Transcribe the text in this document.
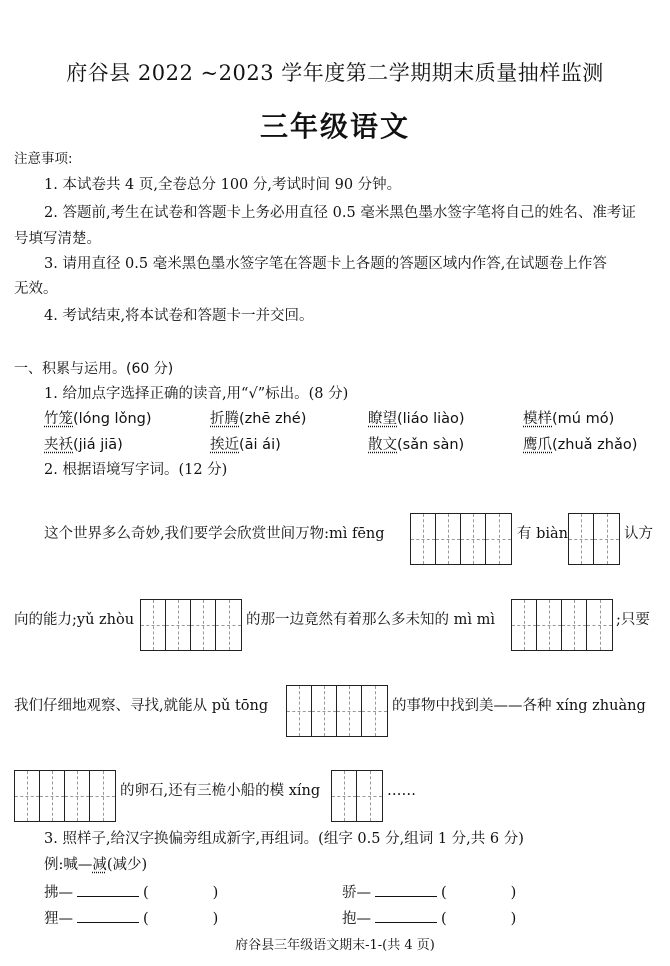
府谷县 2022 ~2023 学年度第二学期期末质量抽样监测
三年级语文
注意事项:
1. 本试卷共 4 页,全卷总分 100 分,考试时间 90 分钟。
2. 答题前,考生在试卷和答题卡上务必用直径 0.5 毫米黑色墨水签字笔将自己的姓名、准考证
号填写清楚。
3. 请用直径 0.5 毫米黑色墨水签字笔在答题卡上各题的答题区域内作答,在试题卷上作答
无效。
4. 考试结束,将本试卷和答题卡一并交回。
一、积累与运用。(60 分)
1. 给加点字选择正确的读音,用“√”标出。(8 分)
竹笼(lóng lǒng)	折腾(zhē zhé)	瞭望(liáo liào)	模样(mú mó)
夹袄(jiá jiā)	挨近(āi ái)	散文(sǎn sàn)	鹰爪(zhuǎ zhǎo)
2. 根据语境写字词。(12 分)
这个世界多么奇妙,我们要学会欣赏世间万物:mì fēng	有 biàn	认方
向的能力;yǔ zhòu	的那一边竟然有着那么多未知的 mì mì	;只要
我们仔细地观察、寻找,就能从 pǔ tōng	的事物中找到美——各种 xíng zhuàng
的卵石,还有三桅小船的模 xíng	……
3. 照样子,给汉字换偏旁组成新字,再组词。(组字 0.5 分,组词 1 分,共 6 分)
例:喊—减(减少)
拂—	(	)	骄—	(	)
狸—	(	)	抱—	(	)
府谷县三年级语文期末-1-(共 4 页)
